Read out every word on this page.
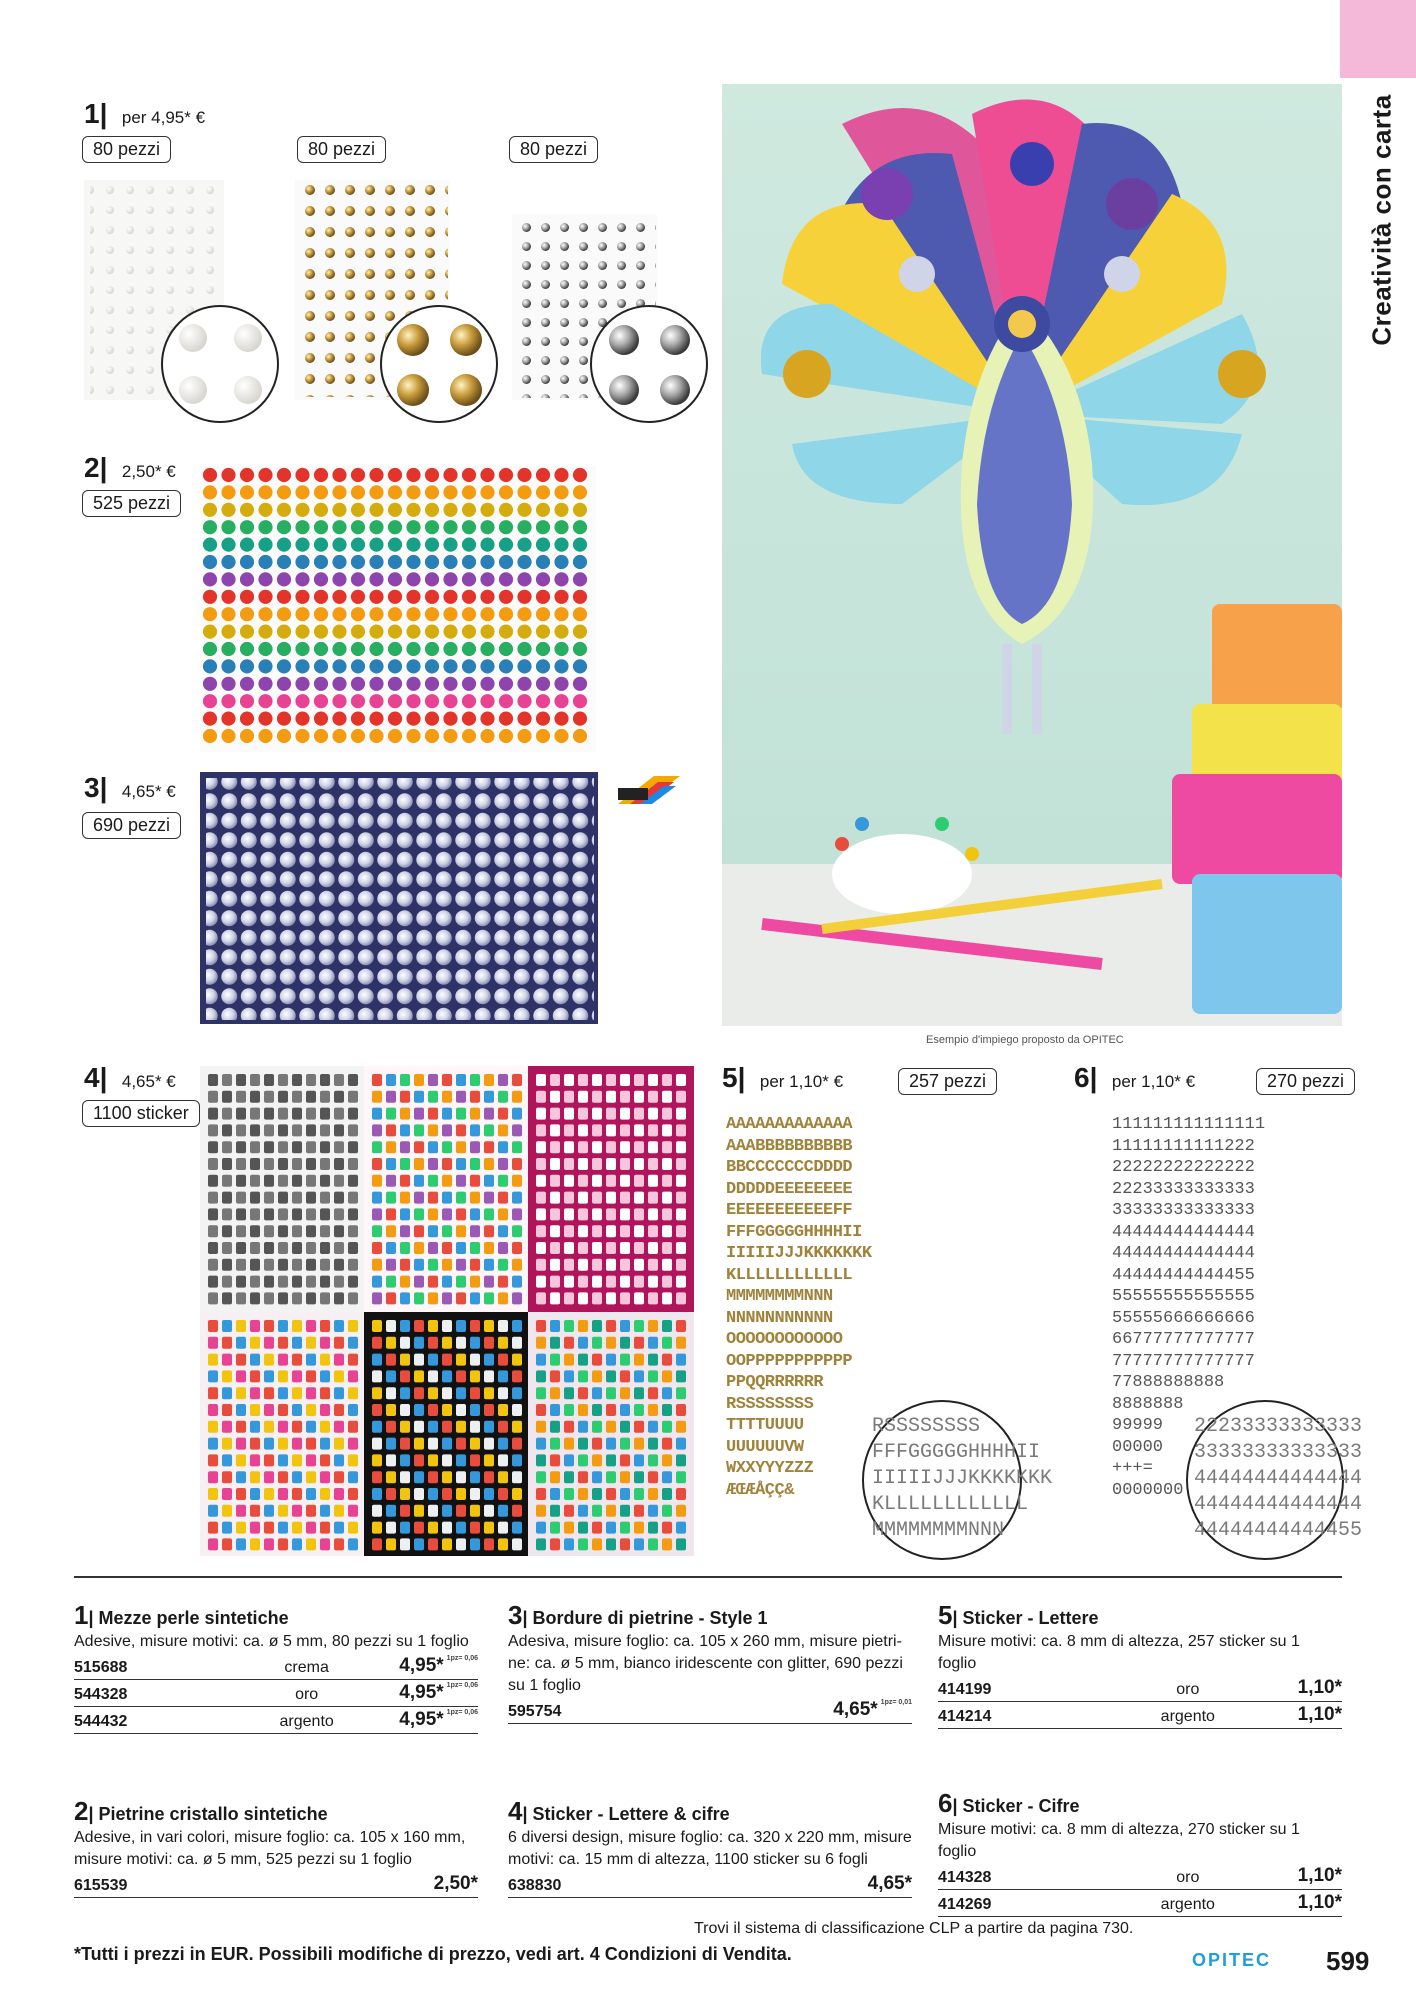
Creatività con carta
1| per 4,95* €
80 pezzi	80 pezzi	80 pezzi
2| 2,50* €
525 pezzi
3| 4,65* €
690 pezzi
Esempio d'impiego proposto da OPITEC
4| 4,65* €
1100 sticker
5| per 1,10* €	257 pezzi
AAAAAAAAAAAAA
AAABBBBBBBBBB
BBCCCCCCCDDDD
DDDDDEEEEEEEE
EEEEEEEEEEEFF
FFFGGGGGHHHHII
IIIIIJJJKKKKKKK
KLLLLLLLLLLLL
MMMMMMMMNNN
NNNNNNNNNNN
OOOOOOOOOOOO
OOPPPPPPPPPPP
PPQQRRRRRR
RSSSSSSSS
TTTTUUUU
UUUUUUVW
WXXYYYZZZ
ÆŒÆÅÇÇ&
RSSSSSSSS
FFFGGGGGHHHHII
IIIIIJJJKKKKKKK
KLLLLLLLLLLLL
MMMMMMMMNNN
6| per 1,10* €	270 pezzi
111111111111111
11111111111222
22222222222222
22233333333333
33333333333333
44444444444444
44444444444444
44444444444455
55555555555555
55555666666666
66777777777777
77777777777777
77888888888
8888888
99999
00000
+++=
0000000
22233333333333
33333333333333
44444444444444
44444444444444
44444444444455
1| Mezze perle sintetiche
Adesive, misure motivi: ca. ø 5 mm, 80 pezzi su 1 foglio
515688	crema	4,95* 1pz= 0,06
544328	oro	4,95* 1pz= 0,06
544432	argento	4,95* 1pz= 0,06
3| Bordure di pietrine - Style 1
Adesiva, misure foglio: ca. 105 x 260 mm, misure pietri-ne: ca. ø 5 mm, bianco iridescente con glitter, 690 pezzi su 1 foglio
595754	4,65* 1pz= 0,01
5| Sticker - Lettere
Misure motivi: ca. 8 mm di altezza, 257 sticker su 1 foglio
414199	oro	1,10*
414214	argento	1,10*
2| Pietrine cristallo sintetiche
Adesive, in vari colori, misure foglio: ca. 105 x 160 mm, misure motivi: ca. ø 5 mm, 525 pezzi su 1 foglio
615539	2,50*
4| Sticker - Lettere & cifre
6 diversi design, misure foglio: ca. 320 x 220 mm, misure motivi: ca. 15 mm di altezza, 1100 sticker su 6 fogli
638830	4,65*
6| Sticker - Cifre
Misure motivi: ca. 8 mm di altezza, 270 sticker su 1 foglio
414328	oro	1,10*
414269	argento	1,10*
Trovi il sistema di classificazione CLP a partire da pagina 730.
*Tutti i prezzi in EUR. Possibili modifiche di prezzo, vedi art. 4 Condizioni di Vendita.	OPITEC 599
